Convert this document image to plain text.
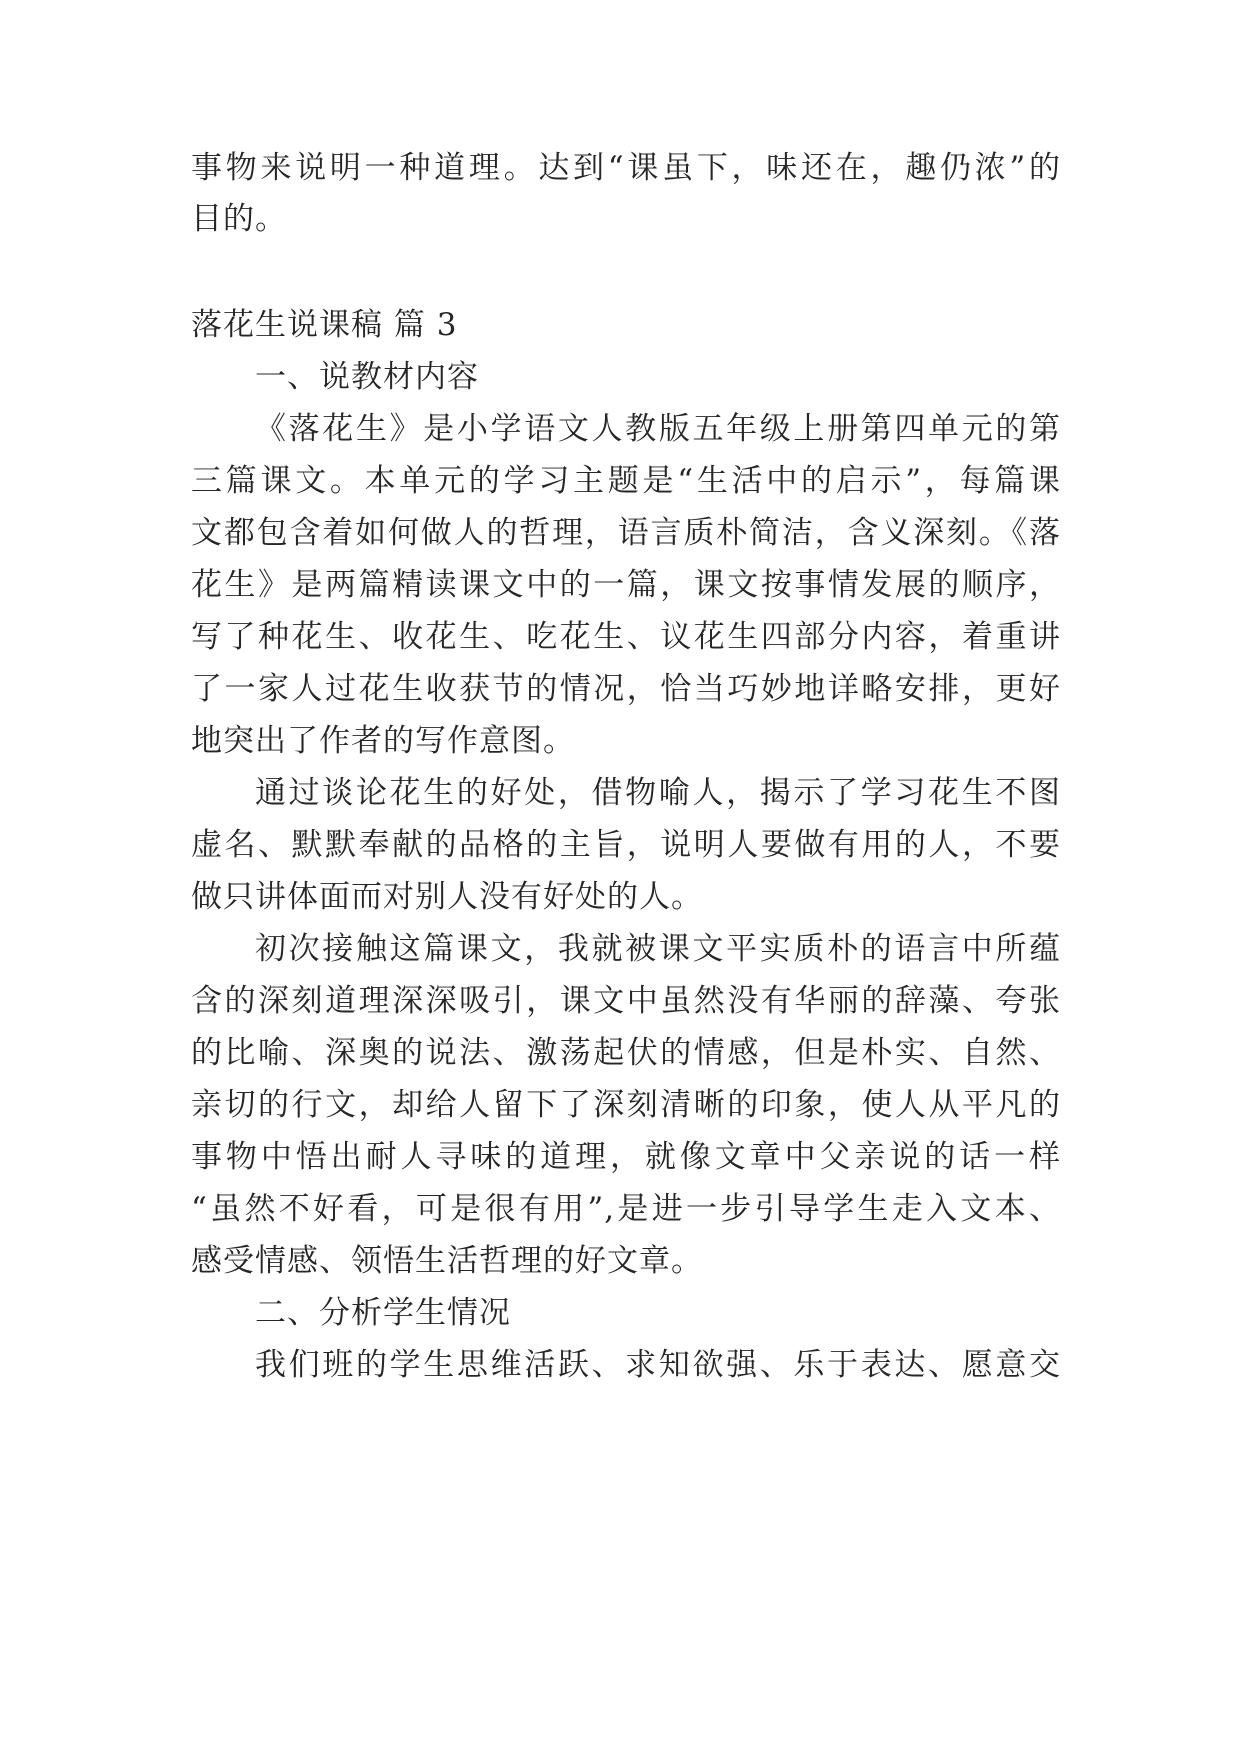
事物来说明一种道理。达到“课虽下，味还在，趣仍浓”的
目的。
落花生说课稿 篇 3
一、说教材内容
《落花生》是小学语文人教版五年级上册第四单元的第
三篇课文。本单元的学习主题是“生活中的启示”，每篇课
文都包含着如何做人的哲理，语言质朴简洁，含义深刻。《落
花生》是两篇精读课文中的一篇，课文按事情发展的顺序，
写了种花生、收花生、吃花生、议花生四部分内容，着重讲
了一家人过花生收获节的情况，恰当巧妙地详略安排，更好
地突出了作者的写作意图。
通过谈论花生的好处，借物喻人，揭示了学习花生不图
虚名、默默奉献的品格的主旨，说明人要做有用的人，不要
做只讲体面而对别人没有好处的人。
初次接触这篇课文，我就被课文平实质朴的语言中所蕴
含的深刻道理深深吸引，课文中虽然没有华丽的辞藻、夸张
的比喻、深奥的说法、激荡起伏的情感，但是朴实、自然、
亲切的行文，却给人留下了深刻清晰的印象，使人从平凡的
事物中悟出耐人寻味的道理，就像文章中父亲说的话一样
“虽然不好看，可是很有用”,是进一步引导学生走入文本、
感受情感、领悟生活哲理的好文章。
二、分析学生情况
我们班的学生思维活跃、求知欲强、乐于表达、愿意交
